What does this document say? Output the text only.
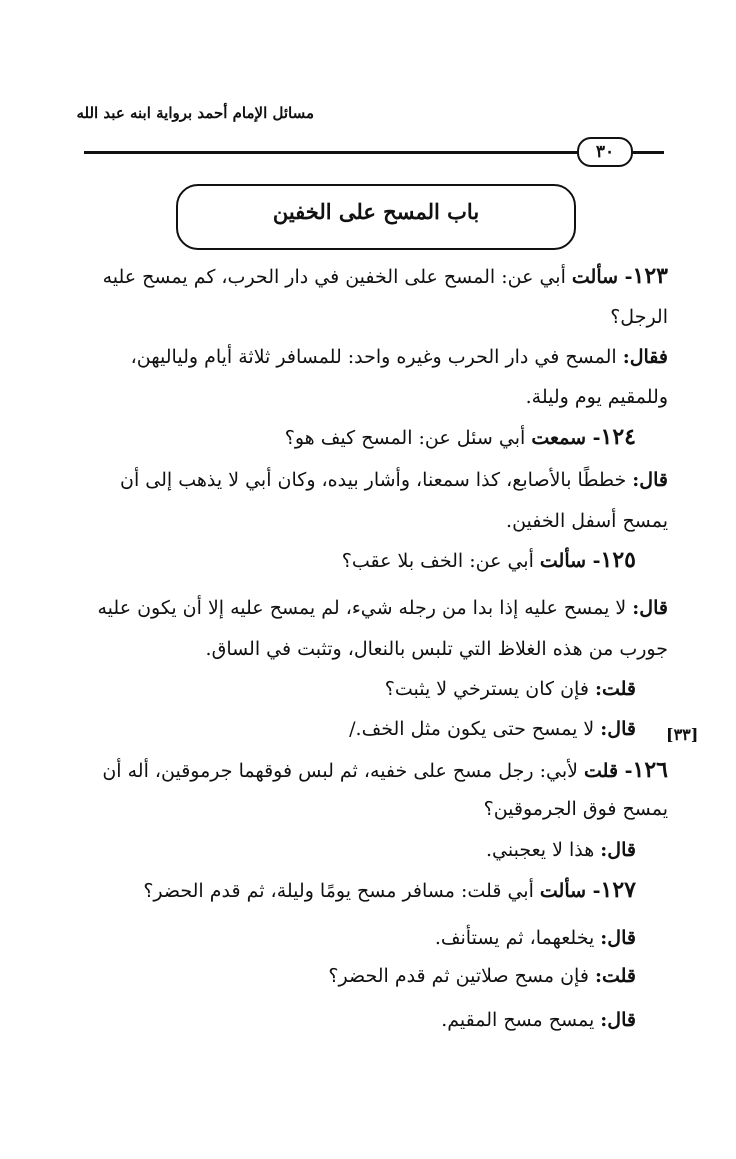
مسائل الإمام أحمد برواية ابنه عبد الله
٣٠
باب المسح على الخفين
[٣٣]
١٢٣- سألت أبي عن: المسح على الخفين في دار الحرب، كم يمسح عليه
الرجل؟
فقال: المسح في دار الحرب وغيره واحد: للمسافر ثلاثة أيام ولياليهن،
وللمقيم يوم وليلة.
١٢٤- سمعت أبي سئل عن: المسح كيف هو؟
قال: خططًا بالأصابع، كذا سمعنا، وأشار بيده، وكان أبي لا يذهب إلى أن
يمسح أسفل الخفين.
١٢٥- سألت أبي عن: الخف بلا عقب؟
قال: لا يمسح عليه إذا بدا من رجله شيء، لم يمسح عليه إلا أن يكون عليه
جورب من هذه الغلاظ التي تلبس بالنعال، وتثبت في الساق.
قلت: فإن كان يسترخي لا يثبت؟
قال: لا يمسح حتى يكون مثل الخف./
١٢٦- قلت لأبي: رجل مسح على خفيه، ثم لبس فوقهما جرموقين، أله أن
يمسح فوق الجرموقين؟
قال: هذا لا يعجبني.
١٢٧- سألت أبي قلت: مسافر مسح يومًا وليلة، ثم قدم الحضر؟
قال: يخلعهما، ثم يستأنف.
قلت: فإن مسح صلاتين ثم قدم الحضر؟
قال: يمسح مسح المقيم.
